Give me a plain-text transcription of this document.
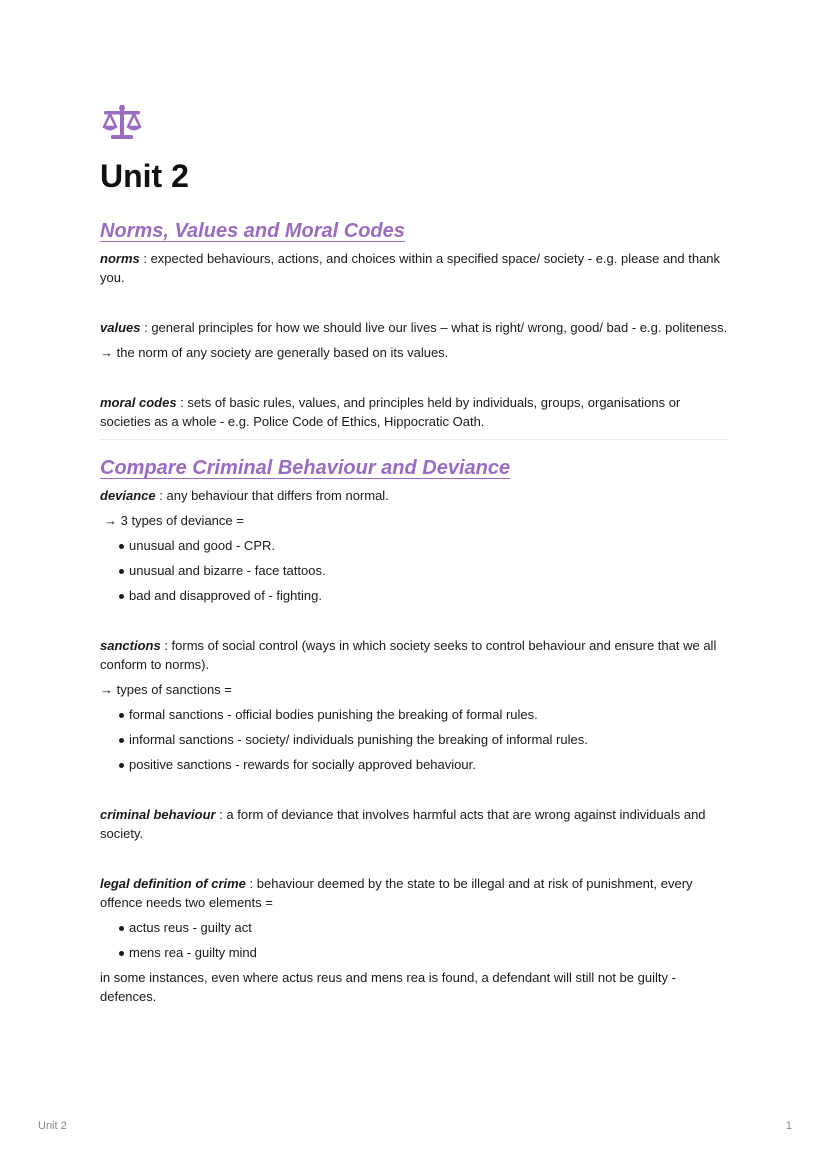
Unit 2
Norms, Values and Moral Codes

norms : expected behaviours, actions, and choices within a specified space/ society - e.g. please and thank you.

values : general principles for how we should live our lives – what is right/ wrong, good/ bad - e.g. politeness.

→ the norm of any society are generally based on its values.

moral codes : sets of basic rules, values, and principles held by individuals, groups, organisations or societies as a whole - e.g. Police Code of Ethics, Hippocratic Oath.

Compare Criminal Behaviour and Deviance

deviance : any behaviour that differs from normal.

→ 3 types of deviance =

unusual and good - CPR.
unusual and bizarre - face tattoos.
bad and disapproved of - fighting.

sanctions : forms of social control (ways in which society seeks to control behaviour and ensure that we all conform to norms).

→ types of sanctions =

formal sanctions - official bodies punishing the breaking of formal rules.
informal sanctions - society/ individuals punishing the breaking of informal rules.
positive sanctions - rewards for socially approved behaviour.

criminal behaviour : a form of deviance that involves harmful acts that are wrong against individuals and society.

legal definition of crime : behaviour deemed by the state to be illegal and at risk of punishment, every offence needs two elements =

actus reus - guilty act
mens rea - guilty mind

in some instances, even where actus reus and mens rea is found, a defendant will still not be guilty - defences.

Unit 2	1
